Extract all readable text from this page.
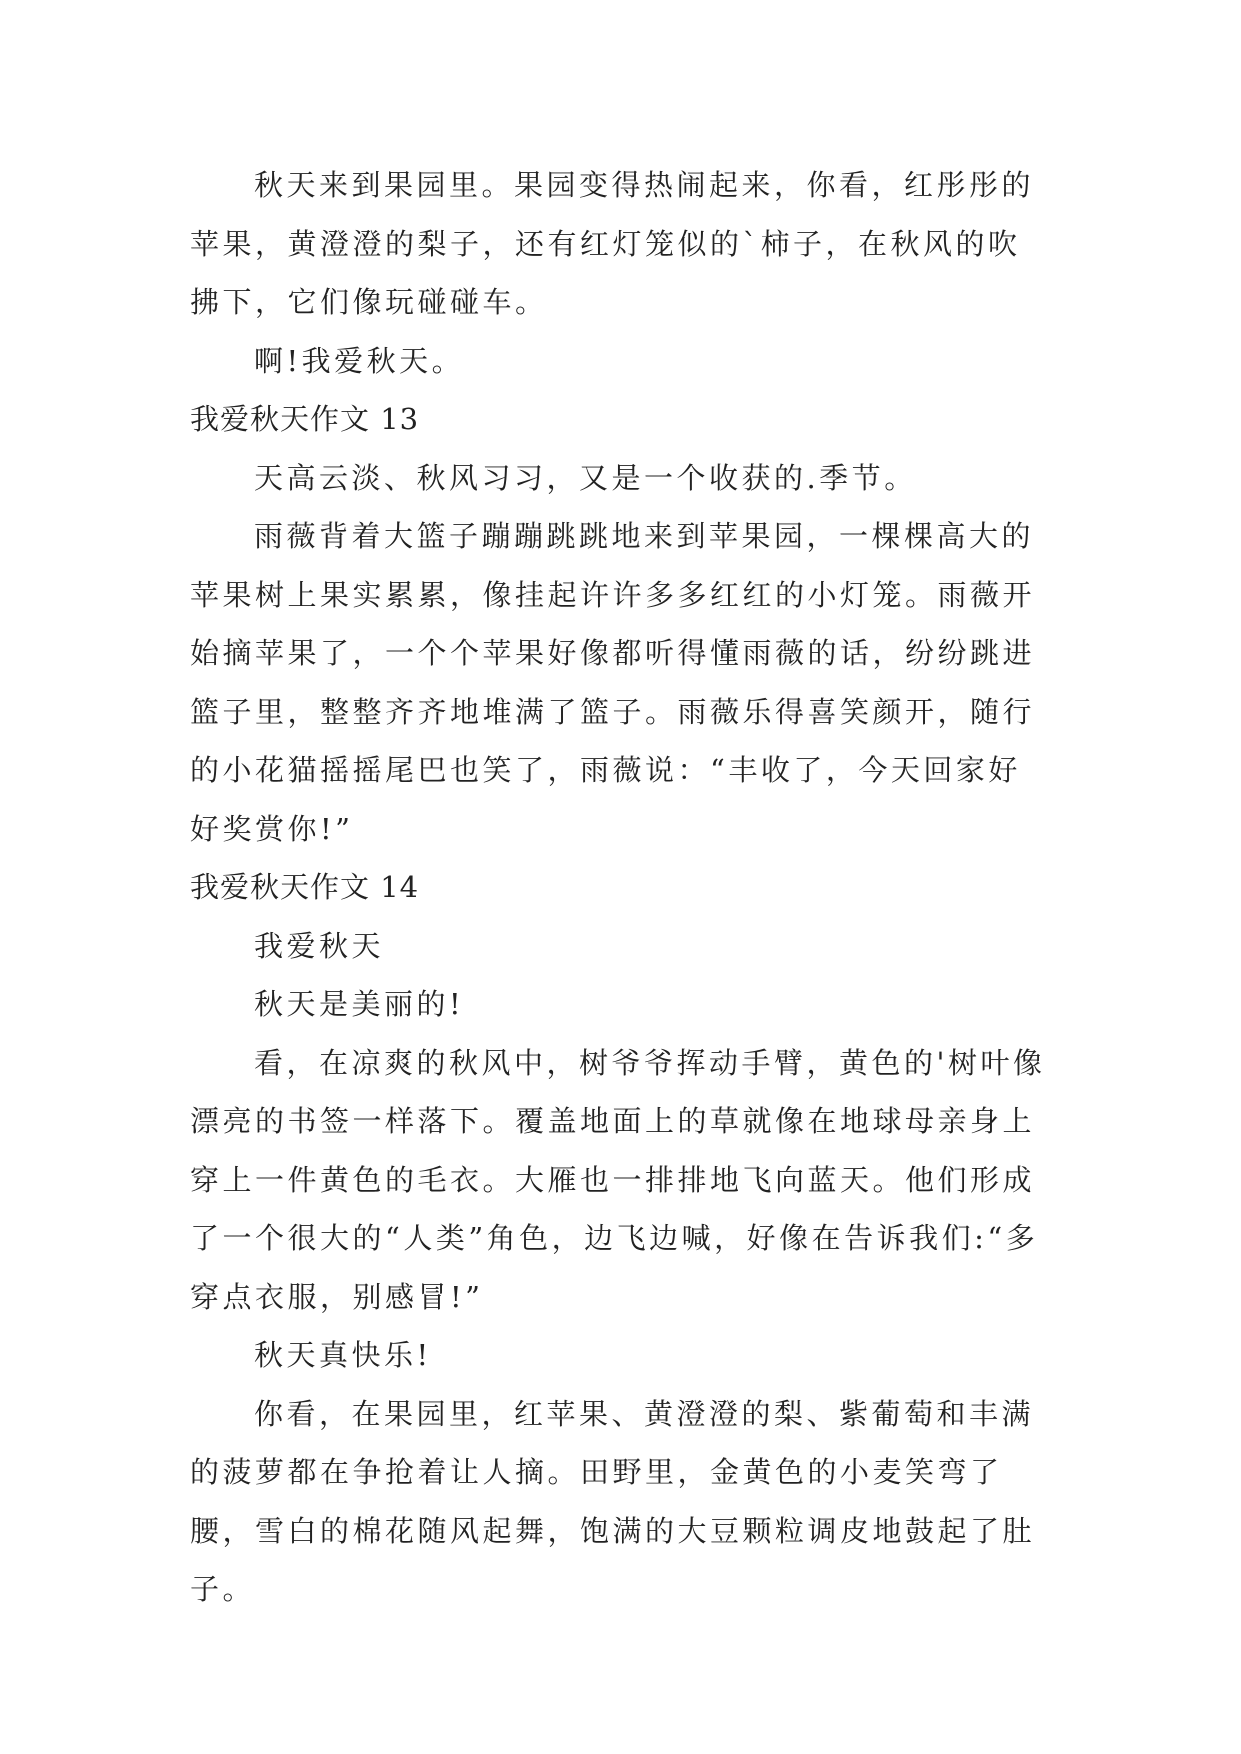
秋天来到果园里。果园变得热闹起来，你看，红彤彤的苹果，黄澄澄的梨子，还有红灯笼似的`柿子，在秋风的吹拂下，它们像玩碰碰车。

啊!我爱秋天。

我爱秋天作文 13

天高云淡、秋风习习，又是一个收获的.季节。

雨薇背着大篮子蹦蹦跳跳地来到苹果园，一棵棵高大的苹果树上果实累累，像挂起许许多多红红的小灯笼。雨薇开始摘苹果了，一个个苹果好像都听得懂雨薇的话，纷纷跳进篮子里，整整齐齐地堆满了篮子。雨薇乐得喜笑颜开，随行的小花猫摇摇尾巴也笑了，雨薇说：“丰收了，今天回家好好奖赏你!”

我爱秋天作文 14

我爱秋天

秋天是美丽的!

看，在凉爽的秋风中，树爷爷挥动手臂，黄色的'树叶像漂亮的书签一样落下。覆盖地面上的草就像在地球母亲身上穿上一件黄色的毛衣。大雁也一排排地飞向蓝天。他们形成了一个很大的“人类”角色，边飞边喊，好像在告诉我们:“多穿点衣服，别感冒!”

秋天真快乐!

你看，在果园里，红苹果、黄澄澄的梨、紫葡萄和丰满的菠萝都在争抢着让人摘。田野里，金黄色的小麦笑弯了腰，雪白的棉花随风起舞，饱满的大豆颗粒调皮地鼓起了肚子。
